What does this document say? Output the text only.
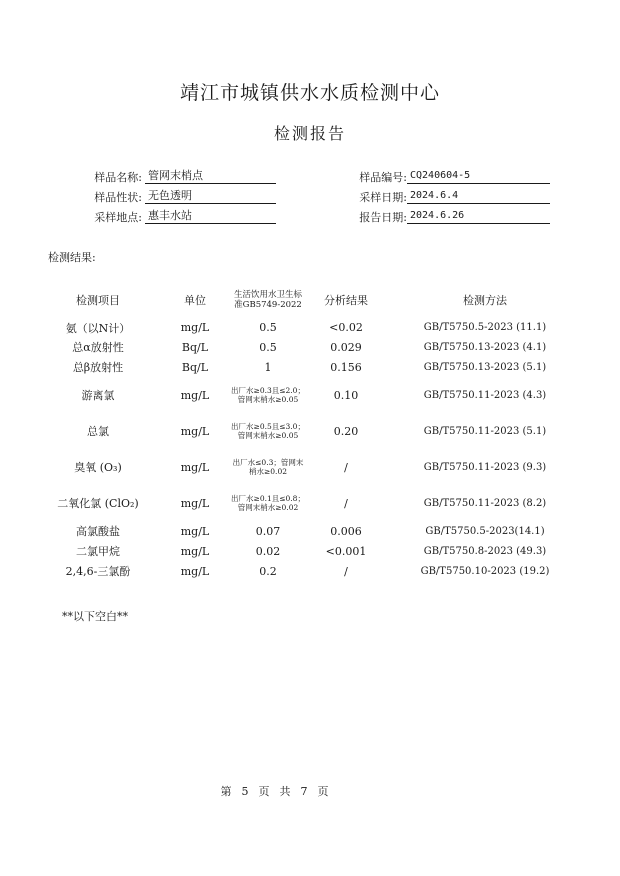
靖江市城镇供水水质检测中心
检测报告
样品名称: 管网末梢点	样品编号: CQ240604-5
样品性状: 无色透明	采样日期: 2024.6.4
采样地点: 惠丰水站	报告日期: 2024.6.26
检测结果:
检测项目	单位	生活饮用水卫生标准GB5749-2022	分析结果	检测方法
氨（以N计）	mg/L	0.5	<0.02	GB/T5750.5-2023 (11.1)
总α放射性	Bq/L	0.5	0.029	GB/T5750.13-2023 (4.1)
总β放射性	Bq/L	1	0.156	GB/T5750.13-2023 (5.1)
游离氯	mg/L	出厂水≥0.3且≤2.0；管网末梢水≥0.05	0.10	GB/T5750.11-2023 (4.3)
总氯	mg/L	出厂水≥0.5且≤3.0；管网末梢水≥0.05	0.20	GB/T5750.11-2023 (5.1)
臭氧 (O₃)	mg/L	出厂水≤0.3；管网末梢水≥0.02	/	GB/T5750.11-2023 (9.3)
二氧化氯 (ClO₂)	mg/L	出厂水≥0.1且≤0.8；管网末梢水≥0.02	/	GB/T5750.11-2023 (8.2)
高氯酸盐	mg/L	0.07	0.006	GB/T5750.5-2023(14.1)
二氯甲烷	mg/L	0.02	<0.001	GB/T5750.8-2023 (49.3)
2,4,6-三氯酚	mg/L	0.2	/	GB/T5750.10-2023 (19.2)
**以下空白**
第 5 页 共 7 页
